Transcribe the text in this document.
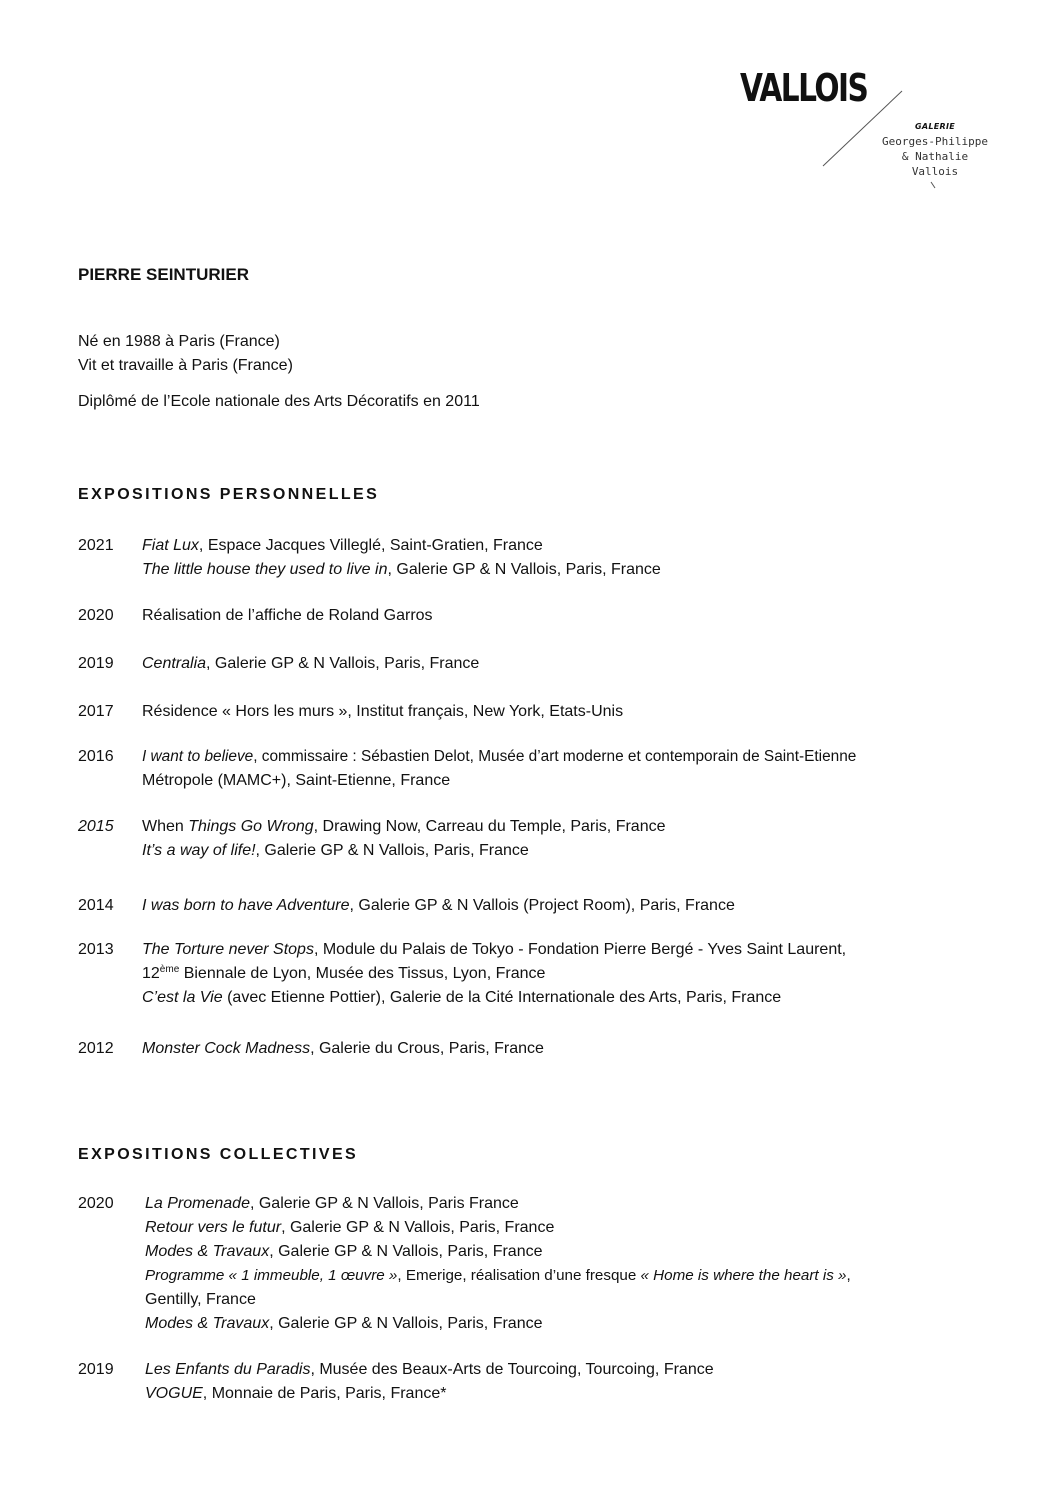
VALLOIS
GALERIE
Georges-Philippe
& Nathalie
Vallois
PIERRE SEINTURIER

Né en 1988 à Paris (France)

Vit et travaille à Paris (France)

Diplômé de l’Ecole nationale des Arts Décoratifs en 2011

EXPOSITIONS PERSONNELLES
2021 Fiat Lux, Espace Jacques Villeglé, Saint-Gratien, France
The little house they used to live in, Galerie GP & N Vallois, Paris, France
2020 Réalisation de l’affiche de Roland Garros
2019 Centralia, Galerie GP & N Vallois, Paris, France
2017 Résidence « Hors les murs », Institut français, New York, Etats-Unis
2016 I want to believe, commissaire : Sébastien Delot, Musée d’art moderne et contemporain de Saint-Etienne
Métropole (MAMC+), Saint-Etienne, France
2015 When Things Go Wrong, Drawing Now, Carreau du Temple, Paris, France
It’s a way of life!, Galerie GP & N Vallois, Paris, France
2014 I was born to have Adventure, Galerie GP & N Vallois (Project Room), Paris, France
2013 The Torture never Stops, Module du Palais de Tokyo - Fondation Pierre Bergé - Yves Saint Laurent,
12ème Biennale de Lyon, Musée des Tissus, Lyon, France
C’est la Vie (avec Etienne Pottier), Galerie de la Cité Internationale des Arts, Paris, France
2012 Monster Cock Madness, Galerie du Crous, Paris, France
EXPOSITIONS COLLECTIVES
2020 La Promenade, Galerie GP & N Vallois, Paris France
Retour vers le futur, Galerie GP & N Vallois, Paris, France
Modes & Travaux, Galerie GP & N Vallois, Paris, France
Programme « 1 immeuble, 1 œuvre », Emerige, réalisation d’une fresque « Home is where the heart is »,
Gentilly, France
Modes & Travaux, Galerie GP & N Vallois, Paris, France
2019 Les Enfants du Paradis, Musée des Beaux-Arts de Tourcoing, Tourcoing, France
VOGUE, Monnaie de Paris, Paris, France*
